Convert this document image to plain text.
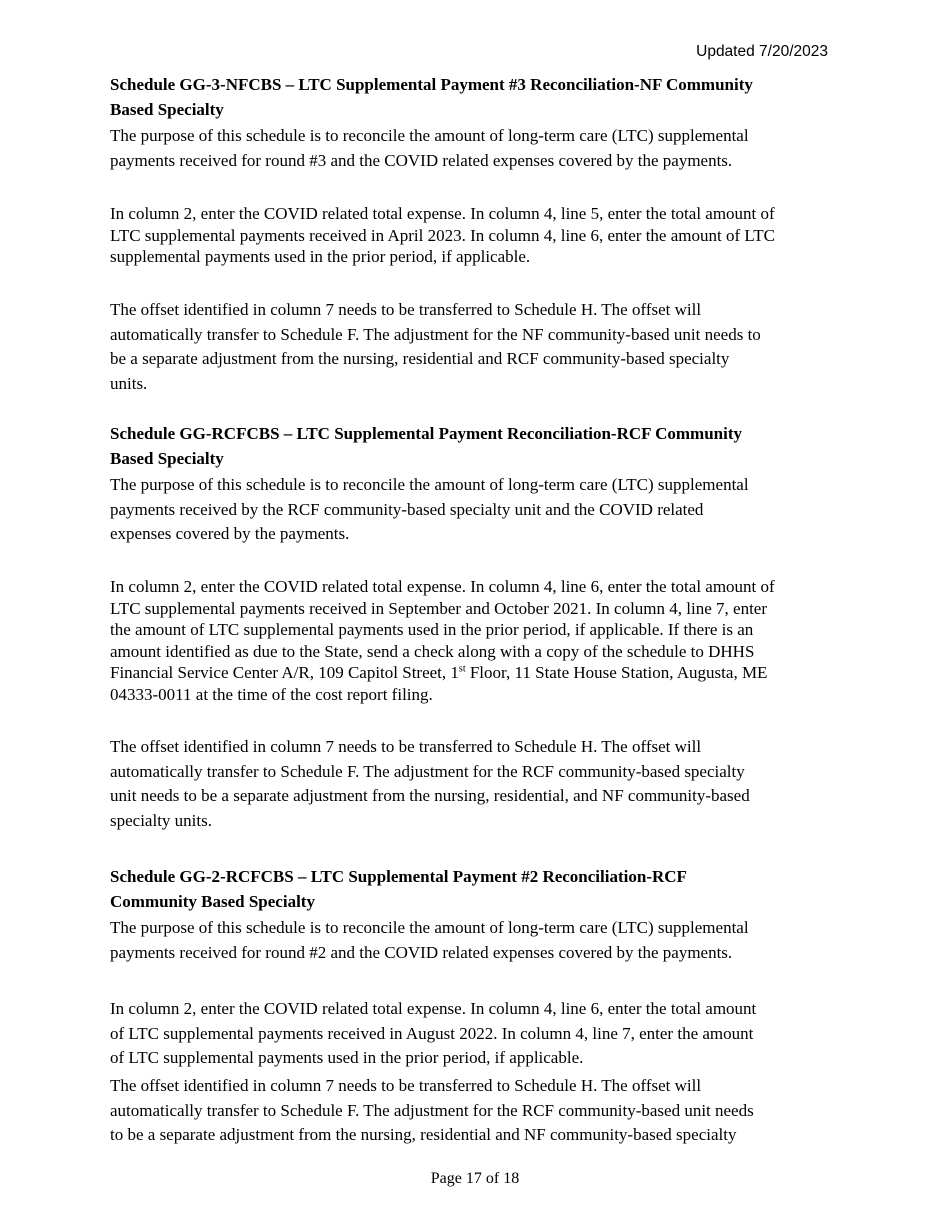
Updated 7/20/2023

Schedule GG-3-NFCBS – LTC Supplemental Payment #3 Reconciliation-NF Community
Based Specialty

The purpose of this schedule is to reconcile the amount of long-term care (LTC) supplemental
payments received for round #3 and the COVID related expenses covered by the payments.

In column 2, enter the COVID related total expense. In column 4, line 5, enter the total amount of
LTC supplemental payments received in April 2023. In column 4, line 6, enter the amount of LTC
supplemental payments used in the prior period, if applicable.

The offset identified in column 7 needs to be transferred to Schedule H. The offset will
automatically transfer to Schedule F. The adjustment for the NF community-based unit needs to
be a separate adjustment from the nursing, residential and RCF community-based specialty
units.

Schedule GG-RCFCBS – LTC Supplemental Payment Reconciliation-RCF Community
Based Specialty

The purpose of this schedule is to reconcile the amount of long-term care (LTC) supplemental
payments received by the RCF community-based specialty unit and the COVID related
expenses covered by the payments.

In column 2, enter the COVID related total expense. In column 4, line 6, enter the total amount of
LTC supplemental payments received in September and October 2021. In column 4, line 7, enter
the amount of LTC supplemental payments used in the prior period, if applicable. If there is an
amount identified as due to the State, send a check along with a copy of the schedule to DHHS
Financial Service Center A/R, 109 Capitol Street, 1st Floor, 11 State House Station, Augusta, ME
04333-0011 at the time of the cost report filing.

The offset identified in column 7 needs to be transferred to Schedule H. The offset will
automatically transfer to Schedule F. The adjustment for the RCF community-based specialty
unit needs to be a separate adjustment from the nursing, residential, and NF community-based
specialty units.

Schedule GG-2-RCFCBS – LTC Supplemental Payment #2 Reconciliation-RCF
Community Based Specialty

The purpose of this schedule is to reconcile the amount of long-term care (LTC) supplemental
payments received for round #2 and the COVID related expenses covered by the payments.

In column 2, enter the COVID related total expense. In column 4, line 6, enter the total amount
of LTC supplemental payments received in August 2022. In column 4, line 7, enter the amount
of LTC supplemental payments used in the prior period, if applicable.

The offset identified in column 7 needs to be transferred to Schedule H. The offset will
automatically transfer to Schedule F. The adjustment for the RCF community-based unit needs
to be a separate adjustment from the nursing, residential and NF community-based specialty

Page 17 of 18
